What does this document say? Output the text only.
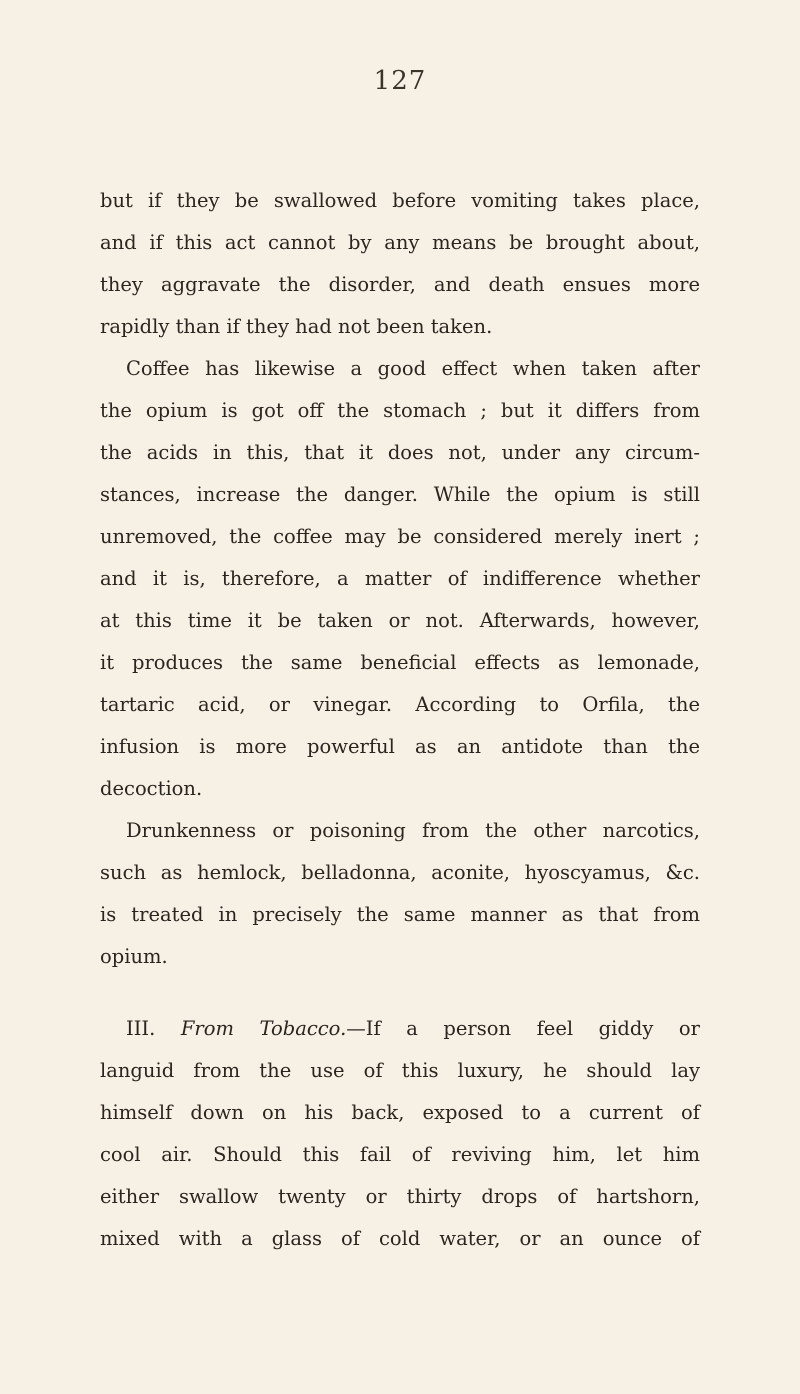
127
but if they be swallowed before vomiting takes place,
and if this act cannot by any means be brought about,
they aggravate the disorder, and death ensues more
rapidly than if they had not been taken.
Coffee has likewise a good effect when taken after
the opium is got off the stomach ; but it differs from
the acids in this, that it does not, under any circum-
stances, increase the danger. While the opium is still
unremoved, the coffee may be considered merely inert ;
and it is, therefore, a matter of indifference whether
at this time it be taken or not. Afterwards, however,
it produces the same beneficial effects as lemonade,
tartaric acid, or vinegar. According to Orfila, the
infusion is more powerful as an antidote than the
decoction.
Drunkenness or poisoning from the other narcotics,
such as hemlock, belladonna, aconite, hyoscyamus, &c.
is treated in precisely the same manner as that from
opium.
III. From Tobacco.—If a person feel giddy or
languid from the use of this luxury, he should lay
himself down on his back, exposed to a current of
cool air. Should this fail of reviving him, let him
either swallow twenty or thirty drops of hartshorn,
mixed with a glass of cold water, or an ounce of
